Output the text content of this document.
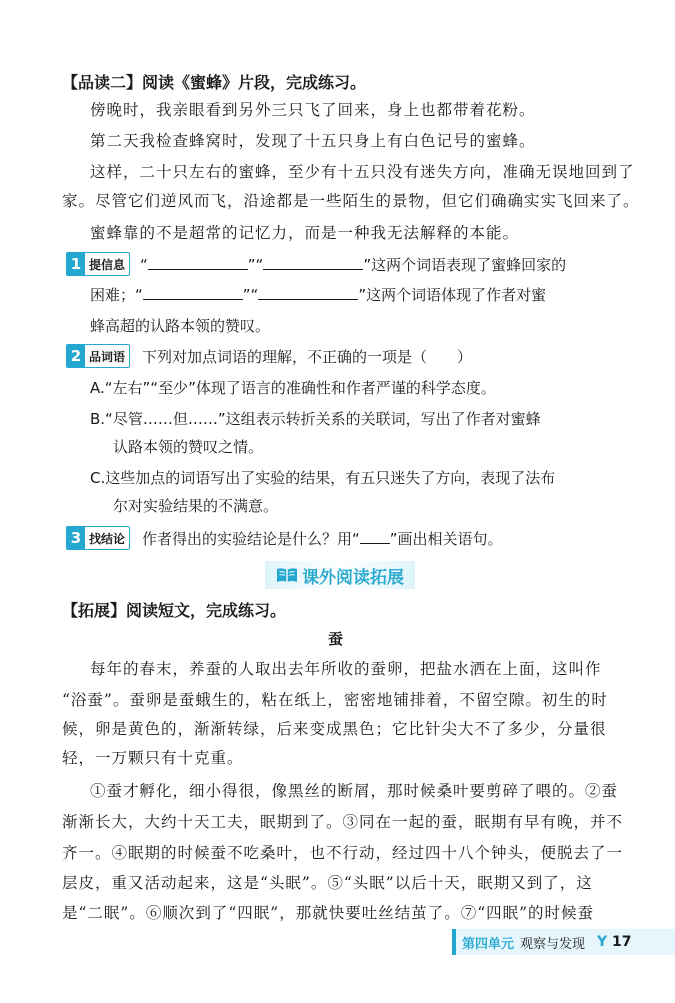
【品读二】阅读《蜜蜂》片段，完成练习。
傍晚时，我亲眼看到另外三只飞了回来，身上也都带着花粉。
第二天我检查蜂窝时，发现了十五只身上有白色记号的蜜蜂。
这样，二十只左右的蜜蜂，至少有十五只没有迷失方向，准确无误地回到了
家。尽管它们逆风而飞，沿途都是一些陌生的景物，但它们确确实实飞回来了。
蜜蜂靠的不是超常的记忆力，而是一种我无法解释的本能。
1 提信息 “	”“	”这两个词语表现了蜜蜂回家的
困难；“	”“	”这两个词语体现了作者对蜜
蜂高超的认路本领的赞叹。
2 品词语 下列对加点词语的理解，不正确的一项是（ ）
A.“左右”“至少”体现了语言的准确性和作者严谨的科学态度。
B.“尽管……但……”这组表示转折关系的关联词，写出了作者对蜜蜂
认路本领的赞叹之情。
C.这些加点的词语写出了实验的结果，有五只迷失了方向，表现了法布
尔对实验结果的不满意。
3 找结论 作者得出的实验结论是什么？用“ ”画出相关语句。
课外阅读拓展
【拓展】阅读短文，完成练习。
蚕
每年的春末，养蚕的人取出去年所收的蚕卵，把盐水洒在上面，这叫作
“浴蚕”。蚕卵是蚕蛾生的，粘在纸上，密密地铺排着，不留空隙。初生的时
候，卵是黄色的，渐渐转绿，后来变成黑色；它比针尖大不了多少，分量很
轻，一万颗只有十克重。
①蚕才孵化，细小得很，像黑丝的断屑，那时候桑叶要剪碎了喂的。②蚕
渐渐长大，大约十天工夫，眠期到了。③同在一起的蚕，眠期有早有晚，并不
齐一。④眠期的时候蚕不吃桑叶，也不行动，经过四十八个钟头，便脱去了一
层皮，重又活动起来，这是“头眠”。⑤“头眠”以后十天，眠期又到了，这
是“二眠”。⑥顺次到了“四眠”，那就快要吐丝结茧了。⑦“四眠”的时候蚕
第四单元 观察与发现 Y 17
